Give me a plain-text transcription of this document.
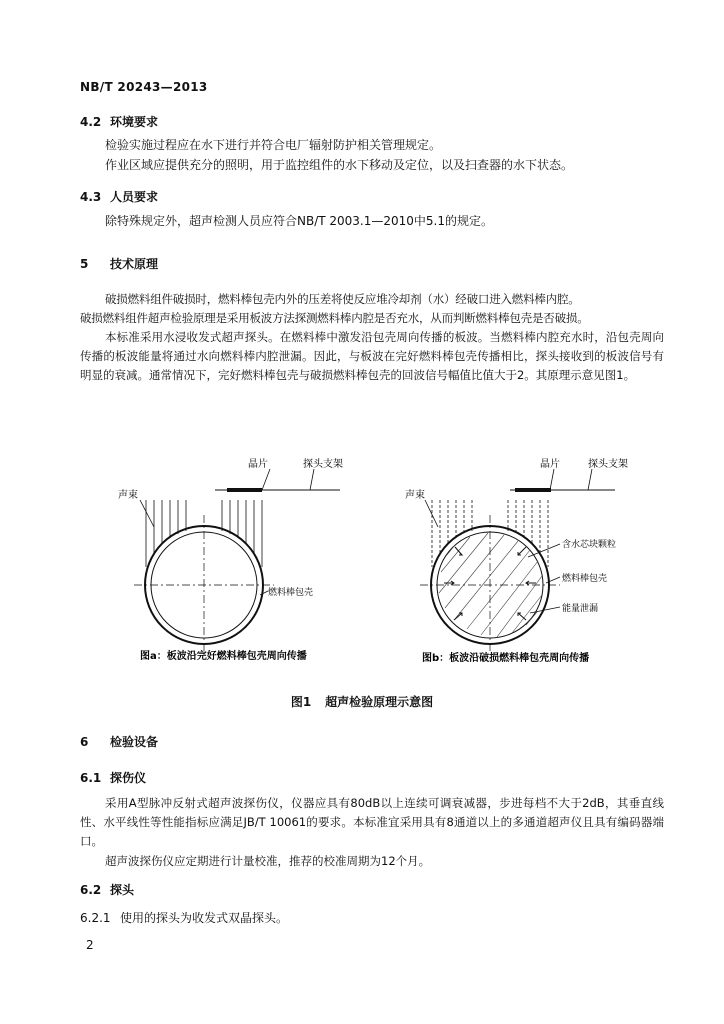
NB/T 20243—2013
4.2 环境要求
检验实施过程应在水下进行并符合电厂辐射防护相关管理规定。
作业区域应提供充分的照明，用于监控组件的水下移动及定位，以及扫查器的水下状态。
4.3 人员要求
除特殊规定外，超声检测人员应符合NB/T 2003.1—2010中5.1的规定。
5 技术原理
破损燃料组件破损时，燃料棒包壳内外的压差将使反应堆冷却剂（水）经破口进入燃料棒内腔。
破损燃料组件超声检验原理是采用板波方法探测燃料棒内腔是否充水，从而判断燃料棒包壳是否破损。
本标准采用水浸收发式超声探头。在燃料棒中激发沿包壳周向传播的板波。当燃料棒内腔充水时，沿包壳周向传播的板波能量将通过水向燃料棒内腔泄漏。因此，与板波在完好燃料棒包壳传播相比，探头接收到的板波信号有明显的衰减。通常情况下，完好燃料棒包壳与破损燃料棒包壳的回波信号幅值比值大于2。其原理示意见图1。
晶片	探头支架
声束
燃料棒包壳
图a：板波沿完好燃料棒包壳周向传播
晶片	探头支架
声束
含水芯块颗粒
燃料棒包壳
能量泄漏
图b：板波沿破损燃料棒包壳周向传播
图1 超声检验原理示意图
6 检验设备
6.1 探伤仪
采用A型脉冲反射式超声波探伤仪，仪器应具有80dB以上连续可调衰减器，步进每档不大于2dB，其垂直线性、水平线性等性能指标应满足JB/T 10061的要求。本标准宜采用具有8通道以上的多通道超声仪且具有编码器端口。
超声波探伤仪应定期进行计量校准，推荐的校准周期为12个月。
6.2 探头
6.2.1 使用的探头为收发式双晶探头。
2
